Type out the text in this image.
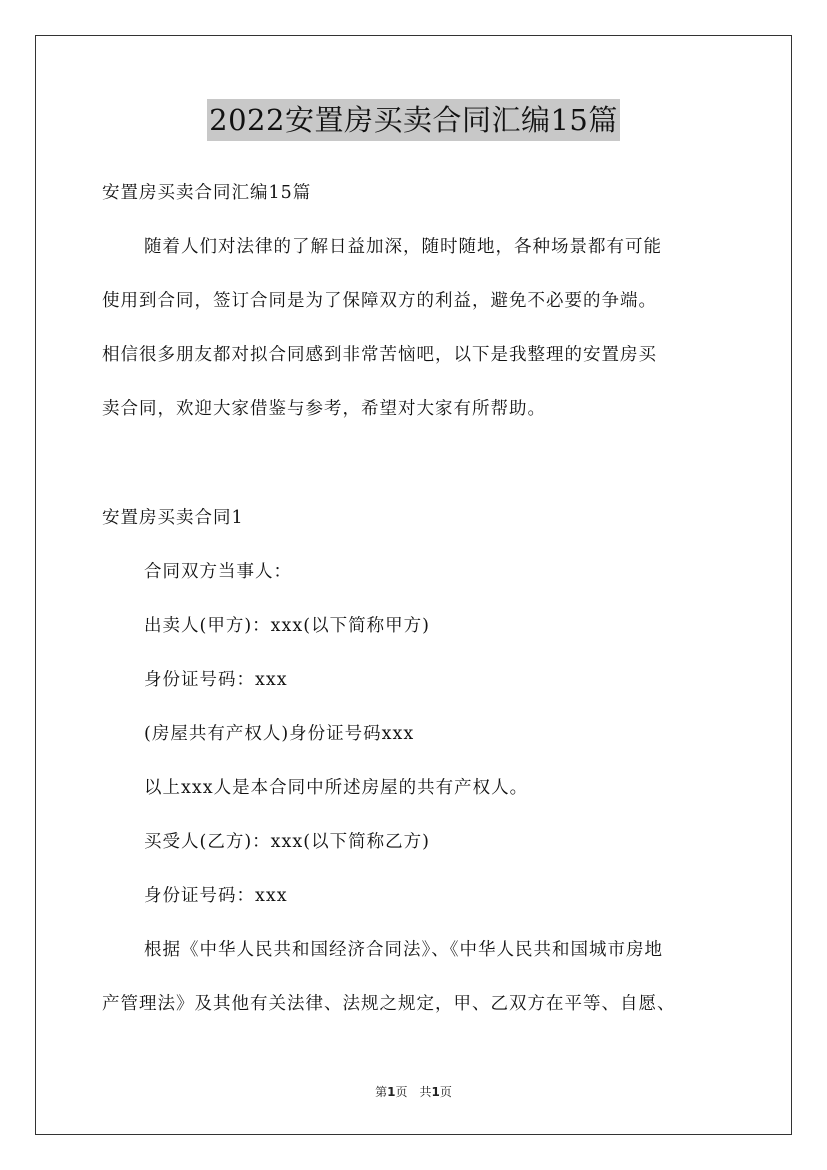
2022安置房买卖合同汇编15篇
安置房买卖合同汇编15篇
随着人们对法律的了解日益加深，随时随地，各种场景都有可能
使用到合同，签订合同是为了保障双方的利益，避免不必要的争端。
相信很多朋友都对拟合同感到非常苦恼吧，以下是我整理的安置房买
卖合同，欢迎大家借鉴与参考，希望对大家有所帮助。
安置房买卖合同1
合同双方当事人：
出卖人(甲方)：xxx(以下简称甲方)
身份证号码：xxx
(房屋共有产权人)身份证号码xxx
以上xxx人是本合同中所述房屋的共有产权人。
买受人(乙方)：xxx(以下简称乙方)
身份证号码：xxx
根据《中华人民共和国经济合同法》、《中华人民共和国城市房地
产管理法》及其他有关法律、法规之规定，甲、乙双方在平等、自愿、
第1页　共1页
